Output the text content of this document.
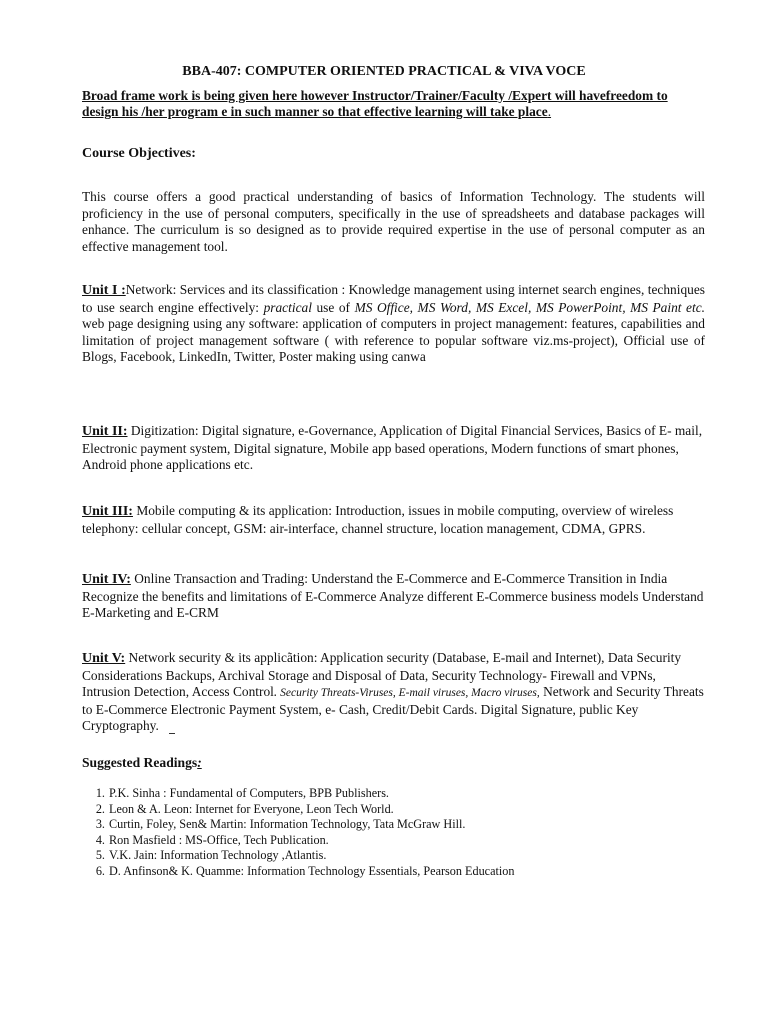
BBA-407: COMPUTER ORIENTED PRACTICAL & VIVA VOCE
Broad frame work is being given here however Instructor/Trainer/Faculty /Expert will havefreedom to design his /her program e in such manner so that effective learning will take place.
Course Objectives:
This course offers a good practical understanding of basics of Information Technology. The students will proficiency in the use of personal computers, specifically in the use of spreadsheets and database packages will enhance. The curriculum is so designed as to provide required expertise in the use of personal computer as an effective management tool.
Unit I :Network: Services and its classification : Knowledge management using internet search engines, techniques to use search engine effectively: practical use of MS Office, MS Word, MS Excel, MS PowerPoint, MS Paint etc. web page designing using any software: application of computers in project management: features, capabilities and limitation of project management software ( with reference to popular software viz.ms-project), Official use of Blogs, Facebook, LinkedIn, Twitter, Poster making using canwa
Unit II: Digitization: Digital signature, e-Governance, Application of Digital Financial Services, Basics of E- mail, Electronic payment system, Digital signature, Mobile app based operations, Modern functions of smart phones, Android phone applications etc.
Unit III: Mobile computing & its application: Introduction, issues in mobile computing, overview of wireless telephony: cellular concept, GSM: air-interface, channel structure, location management, CDMA, GPRS.
Unit IV: Online Transaction and Trading: Understand the E-Commerce and E-Commerce Transition in India Recognize the benefits and limitations of E-Commerce Analyze different E-Commerce business models Understand E-Marketing and E-CRM
Unit V: Network security & its applicãtion: Application security (Database, E-mail and Internet), Data Security Considerations Backups, Archival Storage and Disposal of Data, Security Technology- Firewall and VPNs, Intrusion Detection, Access Control. Security Threats-Viruses, E-mail viruses, Macro viruses, Network and Security Threats to E-Commerce Electronic Payment System, e- Cash, Credit/Debit Cards. Digital Signature, public Key Cryptography.
Suggested Readings:
1. P.K. Sinha : Fundamental of Computers, BPB Publishers.
2. Leon & A. Leon: Internet for Everyone, Leon Tech World.
3. Curtin, Foley, Sen& Martin: Information Technology, Tata McGraw Hill.
4. Ron Masfield : MS-Office, Tech Publication.
5. V.K. Jain: Information Technology ,Atlantis.
6. D. Anfinson& K. Quamme: Information Technology Essentials, Pearson Education
